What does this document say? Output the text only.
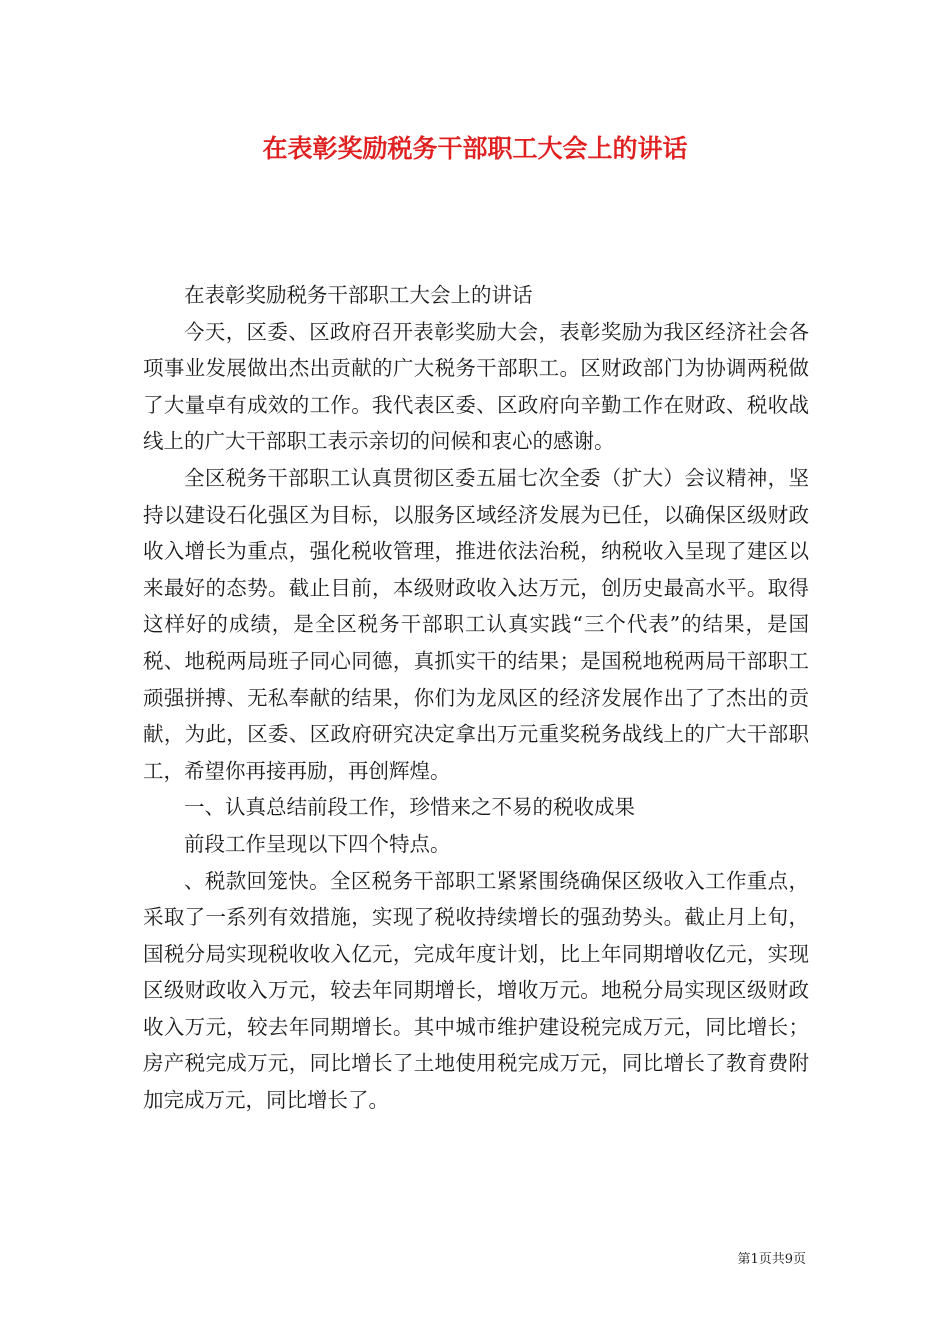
在表彰奖励税务干部职工大会上的讲话

在表彰奖励税务干部职工大会上的讲话

今天，区委、区政府召开表彰奖励大会，表彰奖励为我区经济社会各项事业发展做出杰出贡献的广大税务干部职工。区财政部门为协调两税做了大量卓有成效的工作。我代表区委、区政府向辛勤工作在财政、税收战线上的广大干部职工表示亲切的问候和衷心的感谢。

全区税务干部职工认真贯彻区委五届七次全委（扩大）会议精神，坚持以建设石化强区为目标，以服务区域经济发展为已任，以确保区级财政收入增长为重点，强化税收管理，推进依法治税，纳税收入呈现了建区以来最好的态势。截止目前，本级财政收入达万元，创历史最高水平。取得这样好的成绩，是全区税务干部职工认真实践“三个代表”的结果，是国税、地税两局班子同心同德，真抓实干的结果；是国税地税两局干部职工顽强拼搏、无私奉献的结果，你们为龙凤区的经济发展作出了了杰出的贡献，为此，区委、区政府研究决定拿出万元重奖税务战线上的广大干部职工，希望你再接再励，再创辉煌。

一、认真总结前段工作，珍惜来之不易的税收成果

前段工作呈现以下四个特点。

、税款回笼快。全区税务干部职工紧紧围绕确保区级收入工作重点，采取了一系列有效措施，实现了税收持续增长的强劲势头。截止月上旬，国税分局实现税收收入亿元，完成年度计划，比上年同期增收亿元，实现区级财政收入万元，较去年同期增长，增收万元。地税分局实现区级财政收入万元，较去年同期增长。其中城市维护建设税完成万元，同比增长；房产税完成万元，同比增长了土地使用税完成万元，同比增长了教育费附加完成万元，同比增长了。

第1页共9页
